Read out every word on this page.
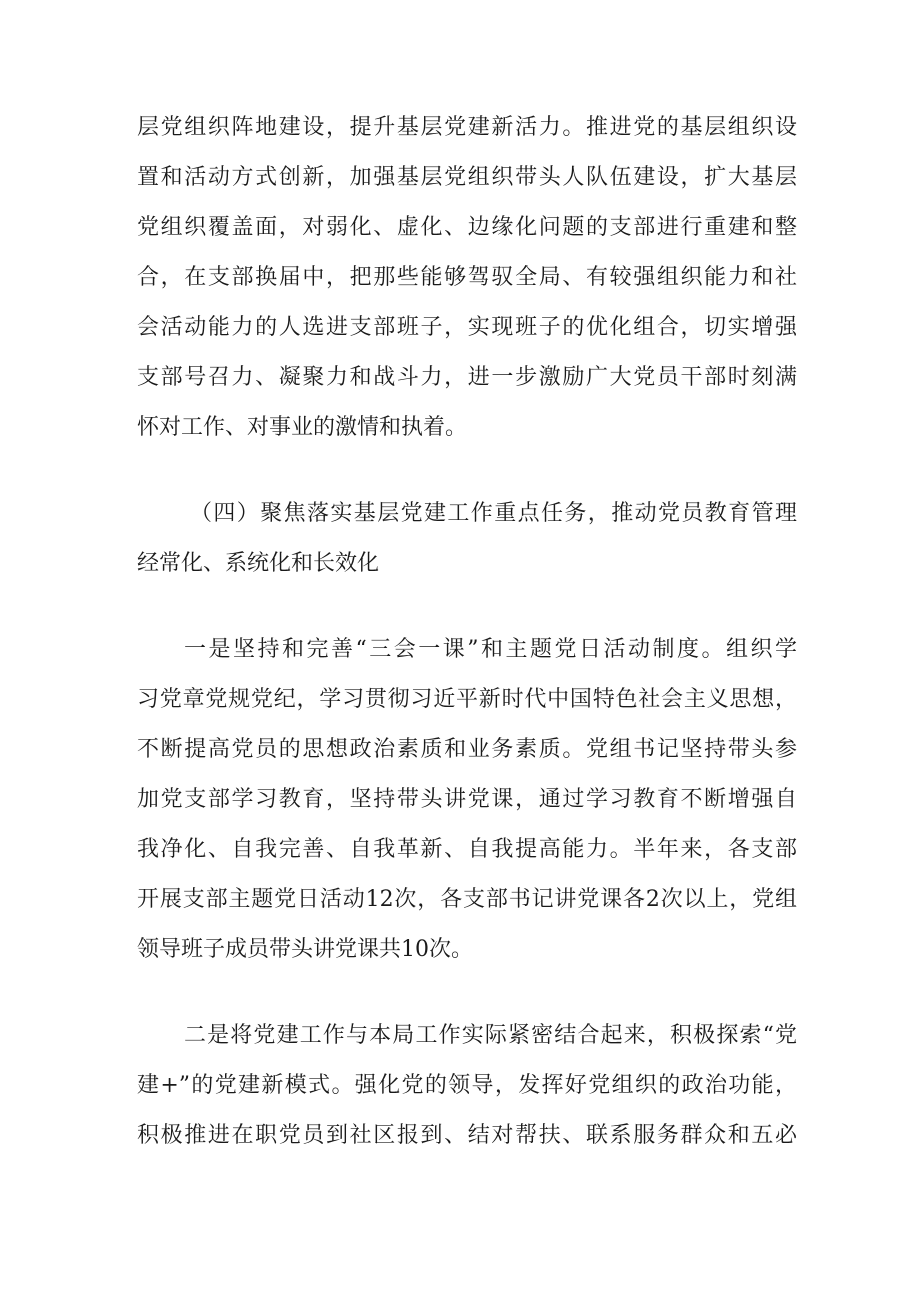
层党组织阵地建设，提升基层党建新活力。推进党的基层组织设

置和活动方式创新，加强基层党组织带头人队伍建设，扩大基层

党组织覆盖面，对弱化、虚化、边缘化问题的支部进行重建和整

合，在支部换届中，把那些能够驾驭全局、有较强组织能力和社

会活动能力的人选进支部班子，实现班子的优化组合，切实增强

支部号召力、凝聚力和战斗力，进一步激励广大党员干部时刻满

怀对工作、对事业的激情和执着。

（四）聚焦落实基层党建工作重点任务，推动党员教育管理

经常化、系统化和长效化

一是坚持和完善“三会一课”和主题党日活动制度。组织学

习党章党规党纪，学习贯彻习近平新时代中国特色社会主义思想，

不断提高党员的思想政治素质和业务素质。党组书记坚持带头参

加党支部学习教育，坚持带头讲党课，通过学习教育不断增强自

我净化、自我完善、自我革新、自我提高能力。半年来，各支部

开展支部主题党日活动12次，各支部书记讲党课各2次以上，党组

领导班子成员带头讲党课共10次。

二是将党建工作与本局工作实际紧密结合起来，积极探索“党

建+”的党建新模式。强化党的领导，发挥好党组织的政治功能，

积极推进在职党员到社区报到、结对帮扶、联系服务群众和五必
